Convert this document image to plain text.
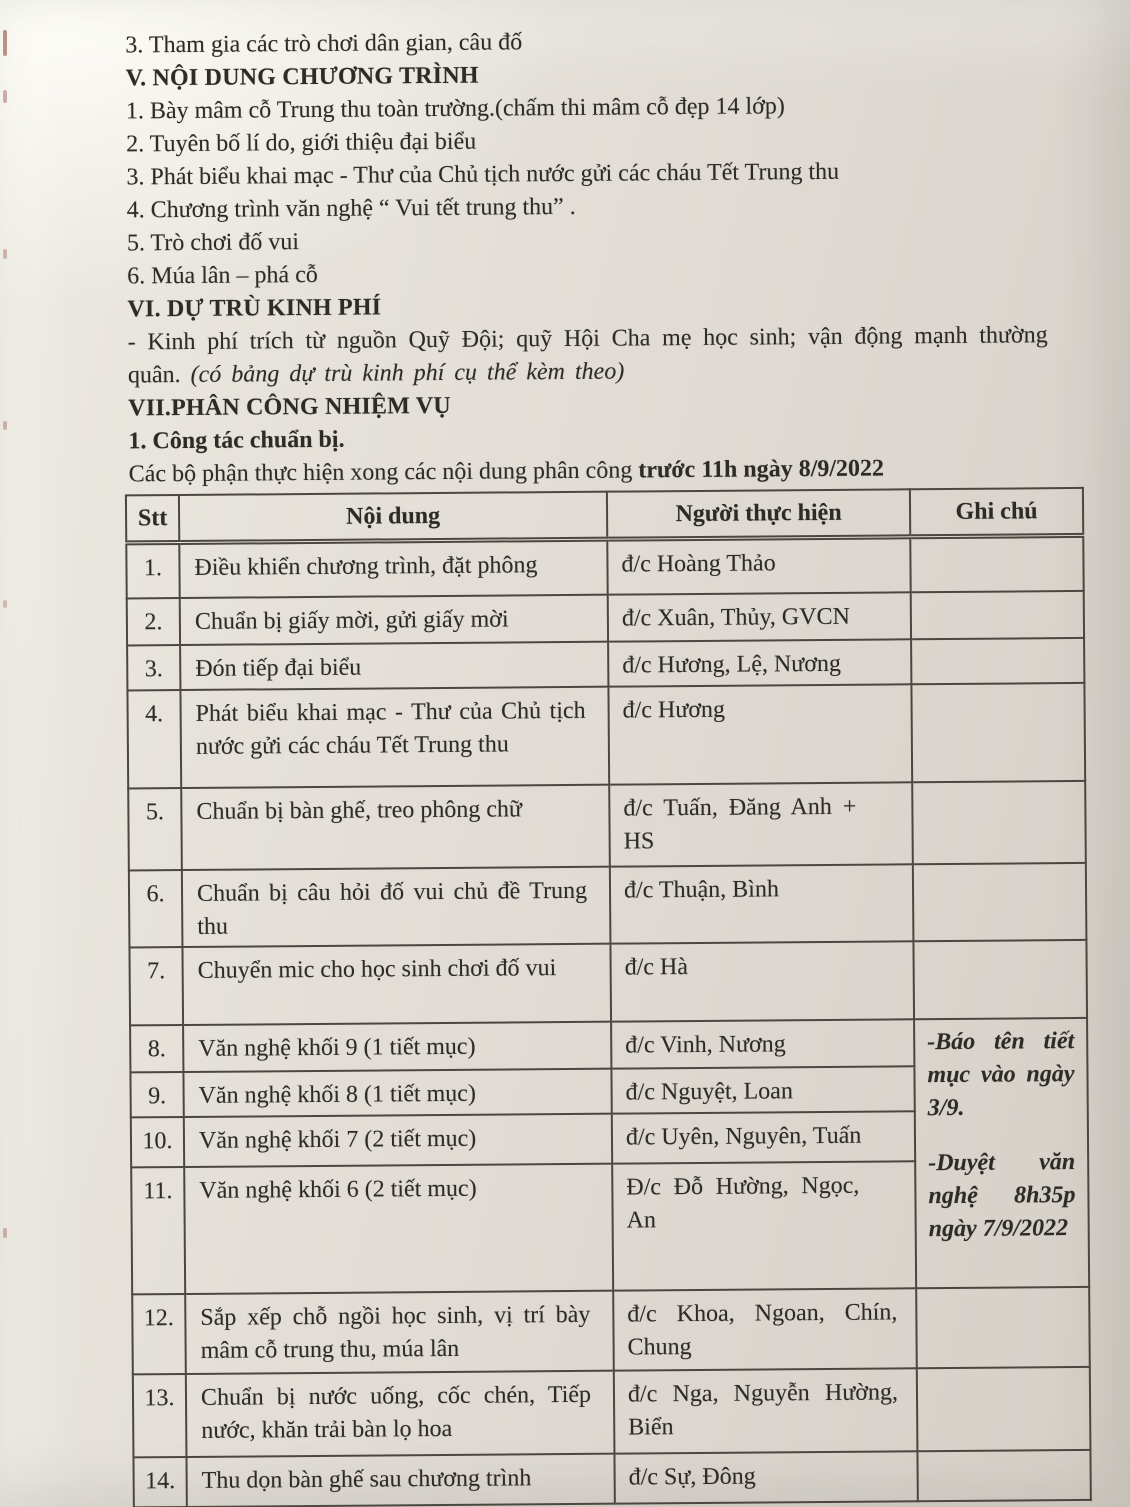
3. Tham gia các trò chơi dân gian, câu đố

V. NỘI DUNG CHƯƠNG TRÌNH

1. Bày mâm cỗ Trung thu toàn trường.(chấm thi mâm cỗ đẹp 14 lớp)

2. Tuyên bố lí do, giới thiệu đại biểu

3. Phát biểu khai mạc - Thư của Chủ tịch nước gửi các cháu Tết Trung thu

4. Chương trình văn nghệ “ Vui tết trung thu” .

5. Trò chơi đố vui

6. Múa lân – phá cỗ

VI. DỰ TRÙ KINH PHÍ

- Kinh phí trích từ nguồn Quỹ Đội; quỹ Hội Cha mẹ học sinh; vận động mạnh thường quân. (có bảng dự trù kinh phí cụ thể kèm theo)

VII.PHÂN CÔNG NHIỆM VỤ

1. Công tác chuẩn bị.

Các bộ phận thực hiện xong các nội dung phân công trước 11h ngày 8/9/2022

Stt	Nội dung	Người thực hiện	Ghi chú
1.	Điều khiển chương trình, đặt phông	đ/c Hoàng Thảo	
2.	Chuẩn bị giấy mời, gửi giấy mời	đ/c Xuân, Thủy, GVCN	
3.	Đón tiếp đại biểu	đ/c Hương, Lệ, Nương	
4.	Phát biểu khai mạc - Thư của Chủ tịch nước gửi các cháu Tết Trung thu	đ/c Hương	
5.	Chuẩn bị bàn ghế, treo phông chữ	đ/c Tuấn, Đăng Anh + HS	
6.	Chuẩn bị câu hỏi đố vui chủ đề Trung thu	đ/c Thuận, Bình	
7.	Chuyển mic cho học sinh chơi đố vui	đ/c Hà	
8.	Văn nghệ khối 9 (1 tiết mục)	đ/c Vinh, Nương	-Báo tên tiết mục vào ngày 3/9.

-Duyệt văn nghệ 8h35p ngày 7/9/2022

9.	Văn nghệ khối 8 (1 tiết mục)	đ/c Nguyệt, Loan	
10.	Văn nghệ khối 7 (2 tiết mục)	đ/c Uyên, Nguyên, Tuấn	
11.	Văn nghệ khối 6 (2 tiết mục)	Đ/c Đỗ Hường, Ngọc, An	
12.	Sắp xếp chỗ ngồi học sinh, vị trí bày mâm cỗ trung thu, múa lân	đ/c Khoa, Ngoan, Chín, Chung	
13.	Chuẩn bị nước uống, cốc chén, Tiếp nước, khăn trải bàn lọ hoa	đ/c Nga, Nguyễn Hường, Biển	
14.	Thu dọn bàn ghế sau chương trình	đ/c Sự, Đông	
